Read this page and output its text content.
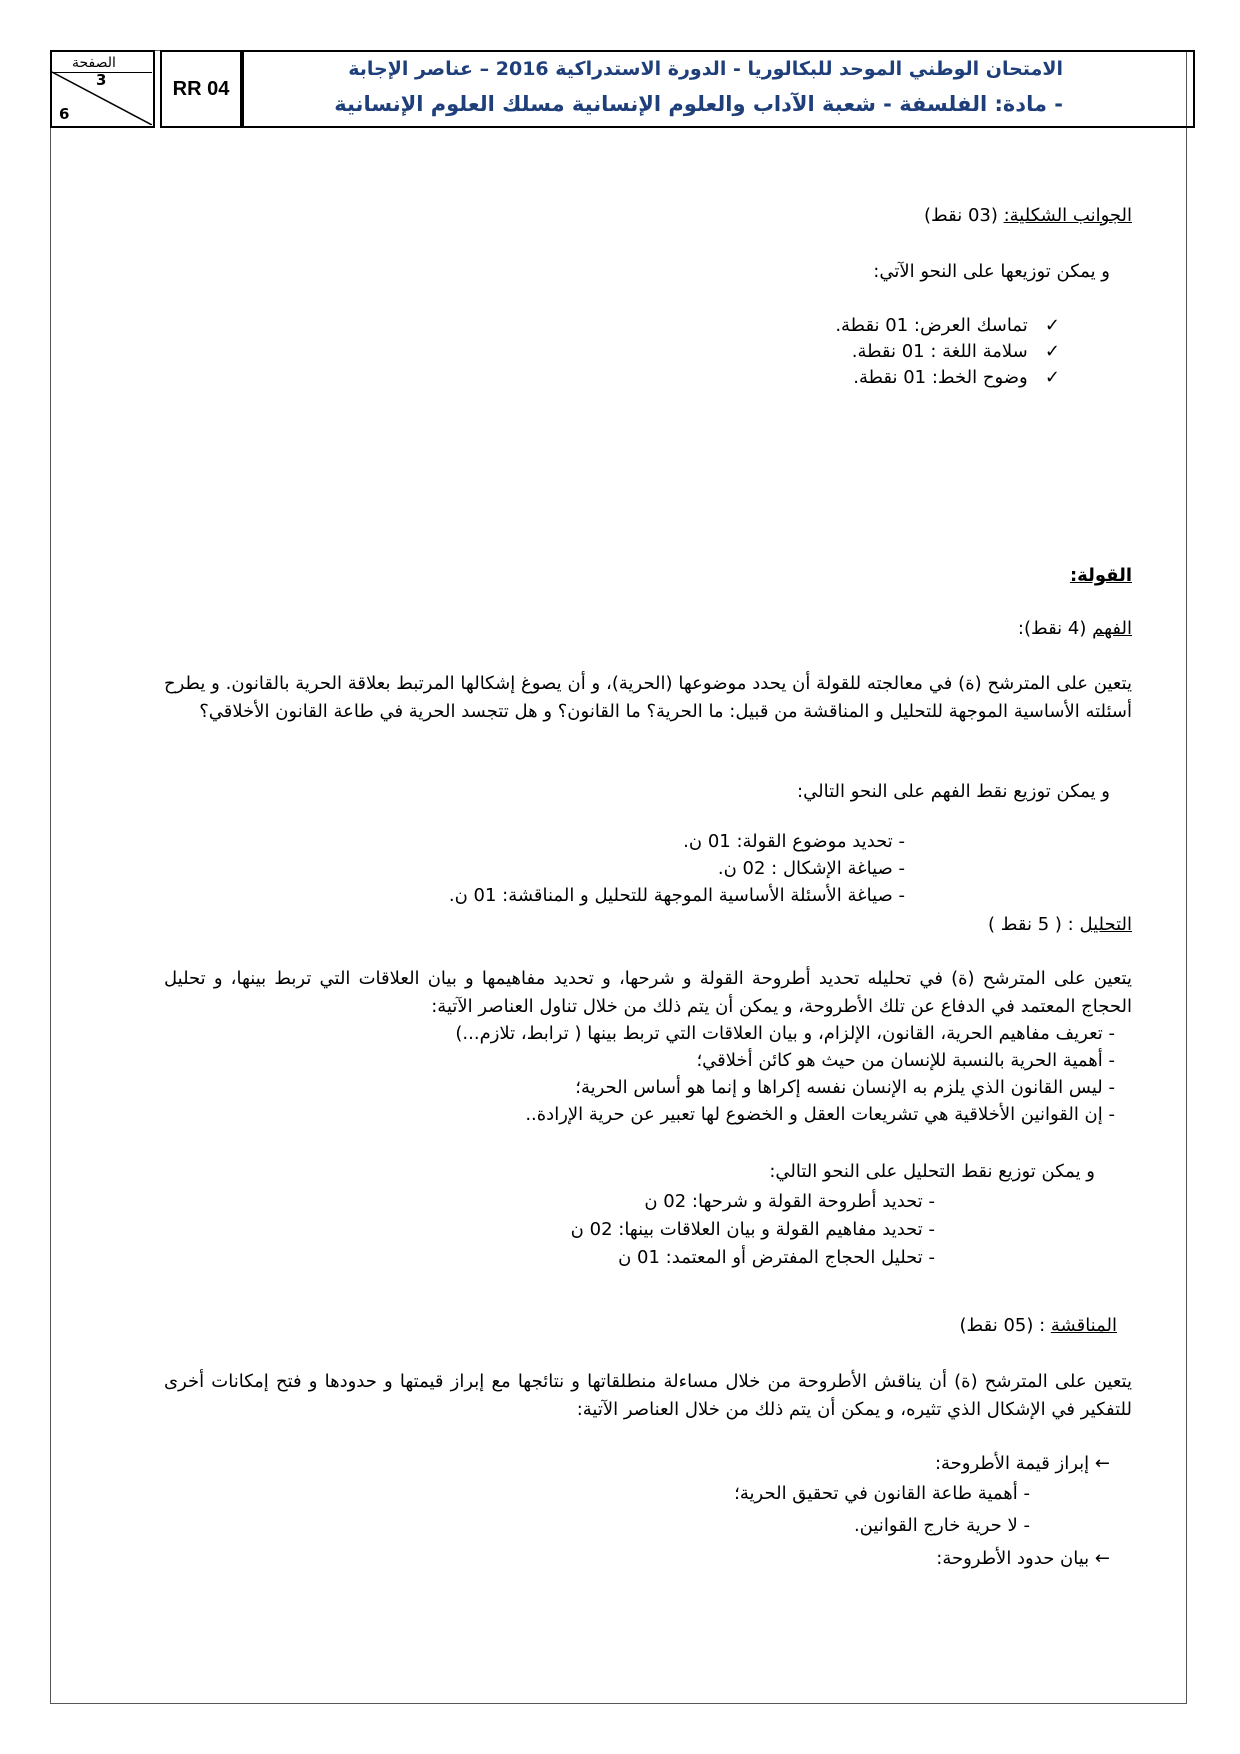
الصفحة
3
6
RR 04
الامتحان الوطني الموحد للبكالوريا - الدورة الاستدراكية 2016 – عناصر الإجابة
- مادة: الفلسفة - شعبة الآداب والعلوم الإنسانية مسلك العلوم الإنسانية
الجوانب الشكلية: (03 نقط)
و يمكن توزيعها على النحو الآتي:
✓   تماسك العرض: 01 نقطة.
✓   سلامة اللغة : 01 نقطة.
✓   وضوح الخط: 01 نقطة.
القولة:
الفهم (4 نقط):
يتعين على المترشح (ة) في معالجته للقولة أن يحدد موضوعها (الحرية)، و أن يصوغ إشكالها المرتبط بعلاقة الحرية بالقانون. و يطرح أسئلته الأساسية الموجهة للتحليل و المناقشة من قبيل: ما الحرية؟ ما القانون؟ و هل تتجسد الحرية في طاعة القانون الأخلاقي؟
و يمكن توزيع نقط الفهم على النحو التالي:
- تحديد موضوع القولة: 01 ن.
- صياغة الإشكال : 02 ن.
- صياغة الأسئلة الأساسية الموجهة للتحليل و المناقشة: 01 ن.
التحليل : ( 5 نقط )
يتعين على المترشح (ة) في تحليله تحديد أطروحة القولة و شرحها، و تحديد مفاهيمها و بيان العلاقات التي تربط بينها، و تحليل الحجاج المعتمد في الدفاع عن تلك الأطروحة، و يمكن أن يتم ذلك من خلال تناول العناصر الآتية:
- تعريف مفاهيم الحرية، القانون، الإلزام، و بيان العلاقات التي تربط بينها ( ترابط، تلازم...)
- أهمية الحرية بالنسبة للإنسان من حيث هو كائن أخلاقي؛
- ليس القانون الذي يلزم به الإنسان نفسه إكراها و إنما هو أساس الحرية؛
- إن القوانين الأخلاقية هي تشريعات العقل و الخضوع لها تعبير عن حرية الإرادة..
و يمكن توزيع نقط التحليل على النحو التالي:
- تحديد أطروحة القولة و شرحها: 02 ن
- تحديد مفاهيم القولة و بيان العلاقات بينها: 02 ن
- تحليل الحجاج المفترض أو المعتمد: 01 ن
المناقشة : (05 نقط)
يتعين على المترشح (ة) أن يناقش الأطروحة من خلال مساءلة منطلقاتها و نتائجها مع إبراز قيمتها و حدودها و فتح إمكانات أخرى للتفكير في الإشكال الذي تثيره، و يمكن أن يتم ذلك من خلال العناصر الآتية:
← إبراز قيمة الأطروحة:
- أهمية طاعة القانون في تحقيق الحرية؛
- لا حرية خارج القوانين.
← بيان حدود الأطروحة:
